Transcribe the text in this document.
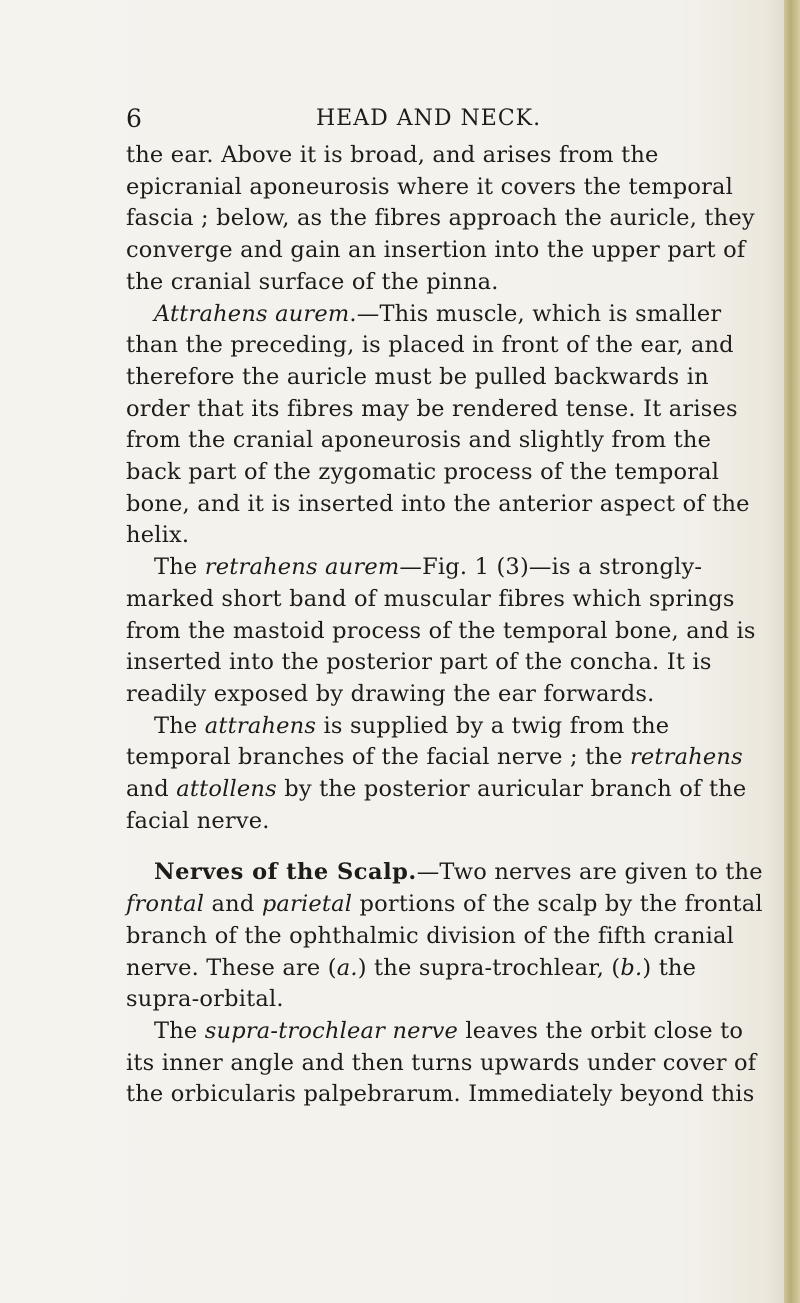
6	HEAD AND NECK.

the ear. Above it is broad, and arises from the epicranial aponeurosis where it covers the temporal fascia ; below, as the fibres approach the auricle, they converge and gain an insertion into the upper part of the cranial surface of the pinna.

Attrahens aurem.—This muscle, which is smaller than the preceding, is placed in front of the ear, and therefore the auricle must be pulled backwards in order that its fibres may be rendered tense. It arises from the cranial aponeurosis and slightly from the back part of the zygomatic process of the temporal bone, and it is inserted into the anterior aspect of the helix.

The retrahens aurem—Fig. 1 (3)—is a strongly-marked short band of muscular fibres which springs from the mastoid process of the temporal bone, and is inserted into the posterior part of the concha. It is readily exposed by drawing the ear forwards.

The attrahens is supplied by a twig from the temporal branches of the facial nerve ; the retrahens and attollens by the posterior auricular branch of the facial nerve.

Nerves of the Scalp.—Two nerves are given to the frontal and parietal portions of the scalp by the frontal branch of the ophthalmic division of the fifth cranial nerve. These are (a.) the supra-trochlear, (b.) the supra-orbital.

The supra-trochlear nerve leaves the orbit close to its inner angle and then turns upwards under cover of the orbicularis palpebrarum. Immediately beyond this
